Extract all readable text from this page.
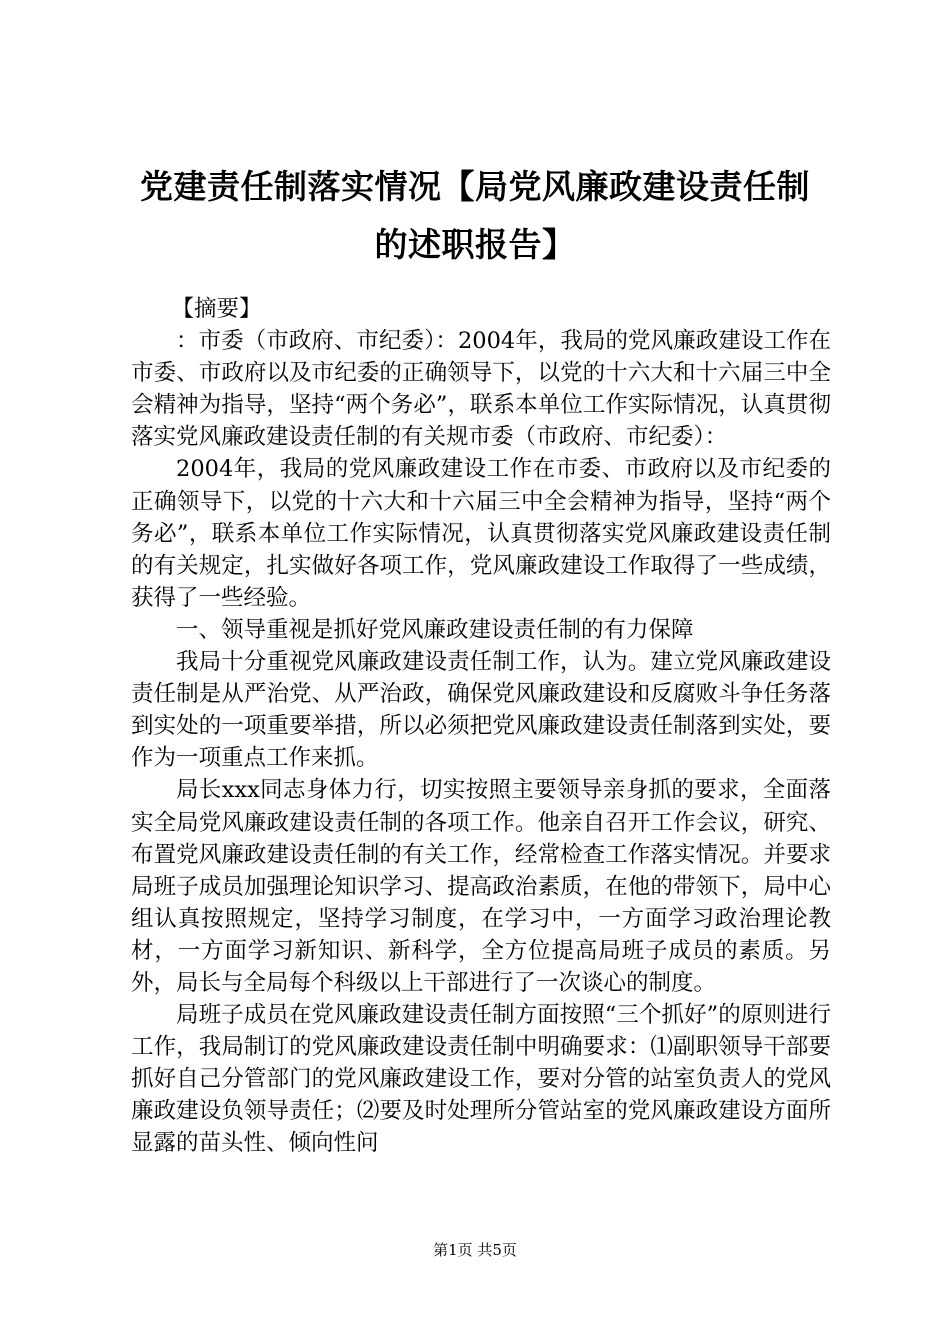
党建责任制落实情况【局党风廉政建设责任制
的述职报告】

【摘要】

：市委（市政府、市纪委）：2004年，我局的党风廉政建设工作在市委、市政府以及市纪委的正确领导下，以党的十六大和十六届三中全会精神为指导，坚持“两个务必”，联系本单位工作实际情况，认真贯彻落实党风廉政建设责任制的有关规市委（市政府、市纪委）：

2004年，我局的党风廉政建设工作在市委、市政府以及市纪委的正确领导下，以党的十六大和十六届三中全会精神为指导，坚持“两个务必”，联系本单位工作实际情况，认真贯彻落实党风廉政建设责任制的有关规定，扎实做好各项工作，党风廉政建设工作取得了一些成绩，获得了一些经验。

一、领导重视是抓好党风廉政建设责任制的有力保障

我局十分重视党风廉政建设责任制工作，认为。建立党风廉政建设责任制是从严治党、从严治政，确保党风廉政建设和反腐败斗争任务落到实处的一项重要举措，所以必须把党风廉政建设责任制落到实处，要作为一项重点工作来抓。

局长xxx同志身体力行，切实按照主要领导亲身抓的要求，全面落实全局党风廉政建设责任制的各项工作。他亲自召开工作会议，研究、布置党风廉政建设责任制的有关工作，经常检查工作落实情况。并要求局班子成员加强理论知识学习、提高政治素质，在他的带领下，局中心组认真按照规定，坚持学习制度，在学习中，一方面学习政治理论教材，一方面学习新知识、新科学，全方位提高局班子成员的素质。另外，局长与全局每个科级以上干部进行了一次谈心的制度。

局班子成员在党风廉政建设责任制方面按照“三个抓好”的原则进行工作，我局制订的党风廉政建设责任制中明确要求：⑴副职领导干部要抓好自己分管部门的党风廉政建设工作，要对分管的站室负责人的党风廉政建设负领导责任；⑵要及时处理所分管站室的党风廉政建设方面所显露的苗头性、倾向性问

第1页 共5页
